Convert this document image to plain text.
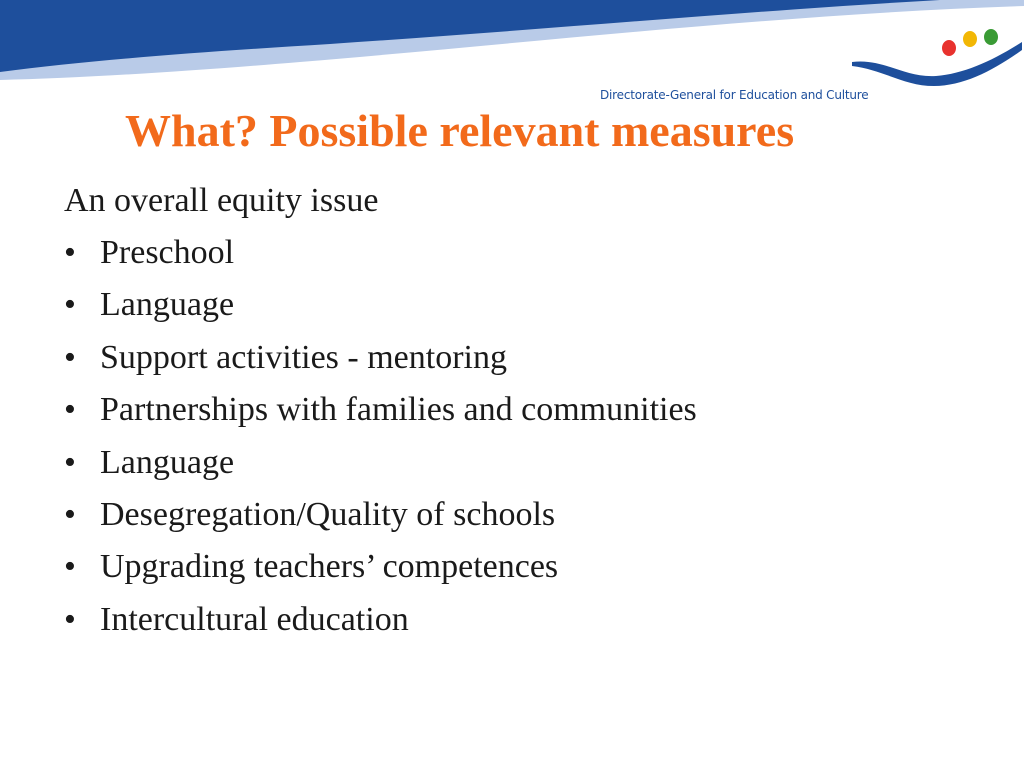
Directorate-General for Education and Culture
What? Possible relevant measures

An overall equity issue

• Preschool
• Language
• Support activities - mentoring
• Partnerships with families and communities
• Language
• Desegregation/Quality of schools
• Upgrading teachers’ competences
• Intercultural education
